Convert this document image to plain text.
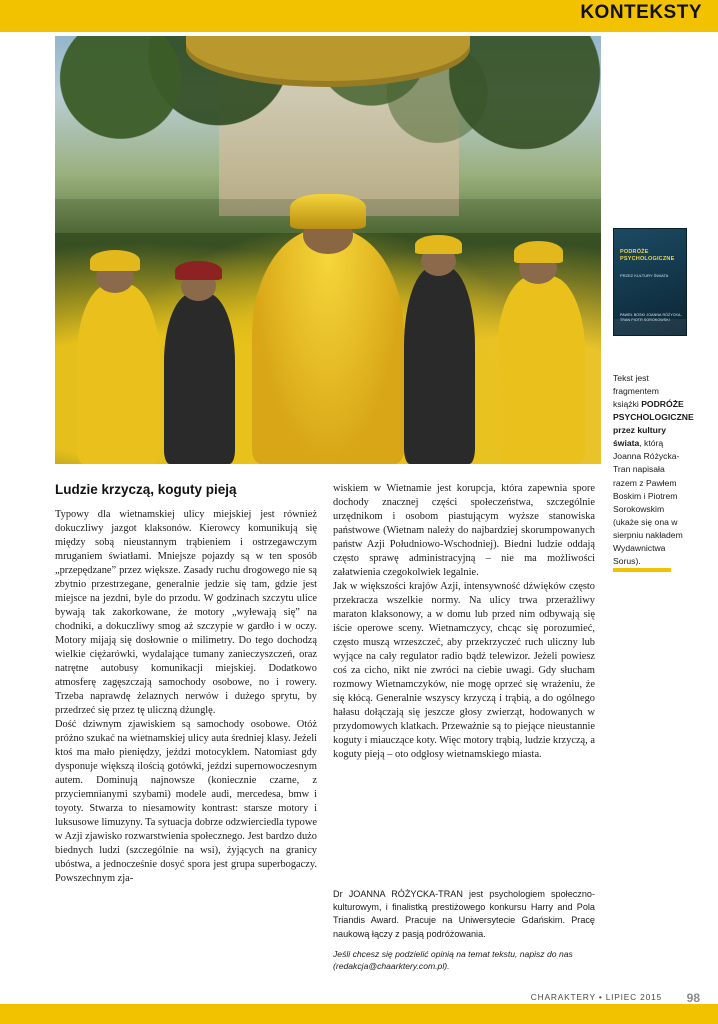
KONTEKSTY
PODRÓŻE PSYCHOLOGICZNE
PRZEZ KULTURY ŚWIATA
PAWEŁ BOSKI JOANNA RÓŻYCKA-TRAN PIOTR SOROKOWSKI
Tekst jest fragmentem książki PODRÓŻE PSYCHOLOGICZNE przez kultury świata, którą Joanna Różycka-Tran napisała razem z Pawłem Boskim i Piotrem Sorokowskim (ukaże się ona w sierpniu nakładem Wydawnictwa Sorus).
Ludzie krzyczą, koguty pieją

Typowy dla wietnamskiej ulicy miejskiej jest również dokuczliwy jazgot klaksonów. Kierowcy komunikują się między sobą nieustannym trąbieniem i ostrzegawczym mruganiem światłami. Mniejsze pojazdy są w ten sposób „przepędzane” przez większe. Zasady ruchu drogowego nie są zbytnio przestrzegane, generalnie jedzie się tam, gdzie jest miejsce na jezdni, byle do przodu. W godzinach szczytu ulice bywają tak zakorkowane, że motory „wyłewają się” na chodniki, a dokuczliwy smog aż szczypie w gardło i w oczy. Motory mijają się dosłownie o milimetry. Do tego dochodzą wielkie ciężarówki, wydalające tumany zanieczyszczeń, oraz natrętne autobusy komunikacji miejskiej. Dodatkowo atmosferę zagęszczają samochody osobowe, no i rowery. Trzeba naprawdę żelaznych nerwów i dużego sprytu, by przedrzeć się przez tę uliczną dżunglę.

Dość dziwnym zjawiskiem są samochody osobowe. Otóż próżno szukać na wietnamskiej ulicy auta średniej klasy. Jeżeli ktoś ma mało pieniędzy, jeździ motocyklem. Natomiast gdy dysponuje większą ilością gotówki, jeździ supernowoczesnym autem. Dominują najnowsze (koniecznie czarne, z przyciemnianymi szybami) modele audi, mercedesa, bmw i toyoty. Stwarza to niesamowity kontrast: starsze motory i luksusowe limuzyny. Ta sytuacja dobrze odzwierciedla typowe w Azji zjawisko rozwarstwienia społecznego. Jest bardzo dużo biednych ludzi (szczególnie na wsi), żyjących na granicy ubóstwa, a jednocześnie dosyć spora jest grupa superbogaczy. Powszechnym zja-

wiskiem w Wietnamie jest korupcja, która zapewnia spore dochody znacznej części społeczeństwa, szczególnie urzędnikom i osobom piastującym wyższe stanowiska państwowe (Wietnam należy do najbardziej skorumpowanych państw Azji Południowo-Wschodniej). Biedni ludzie oddają często sprawę administracyjną – nie ma możliwości załatwienia czegokolwiek legalnie.

Jak w większości krajów Azji, intensywność dźwięków często przekracza wszelkie normy. Na ulicy trwa przerażliwy maraton klaksonowy, a w domu lub przed nim odbywają się iście operowe sceny. Wietnamczycy, chcąc się porozumieć, często muszą wrzeszczeć, aby przekrzyczeć ruch uliczny lub wyjące na cały regulator radio bądź telewizor. Jeżeli powiesz coś za cicho, nikt nie zwróci na ciebie uwagi. Gdy słucham rozmowy Wietnamczyków, nie mogę oprzeć się wrażeniu, że się kłócą. Generalnie wszyscy krzyczą i trąbią, a do ogólnego hałasu dołączają się jeszcze głosy zwierząt, hodowanych w przydomowych klatkach. Przeważnie są to piejące nieustannie koguty i miauczące koty. Więc motory trąbią, ludzie krzyczą, a koguty pieją – oto odgłosy wietnamskiego miasta.

Dr JOANNA RÓŻYCKA-TRAN jest psychologiem społeczno-kulturowym, i finalistką prestiżowego konkursu Harry and Pola Triandis Award. Pracuje na Uniwersytecie Gdańskim. Pracę naukową łączy z pasją podróżowania.
Jeśli chcesz się podzielić opinią na temat tekstu, napisz do nas (redakcja@chaarktery.com.pl).
CHARAKTERY • LIPIEC 2015 98
